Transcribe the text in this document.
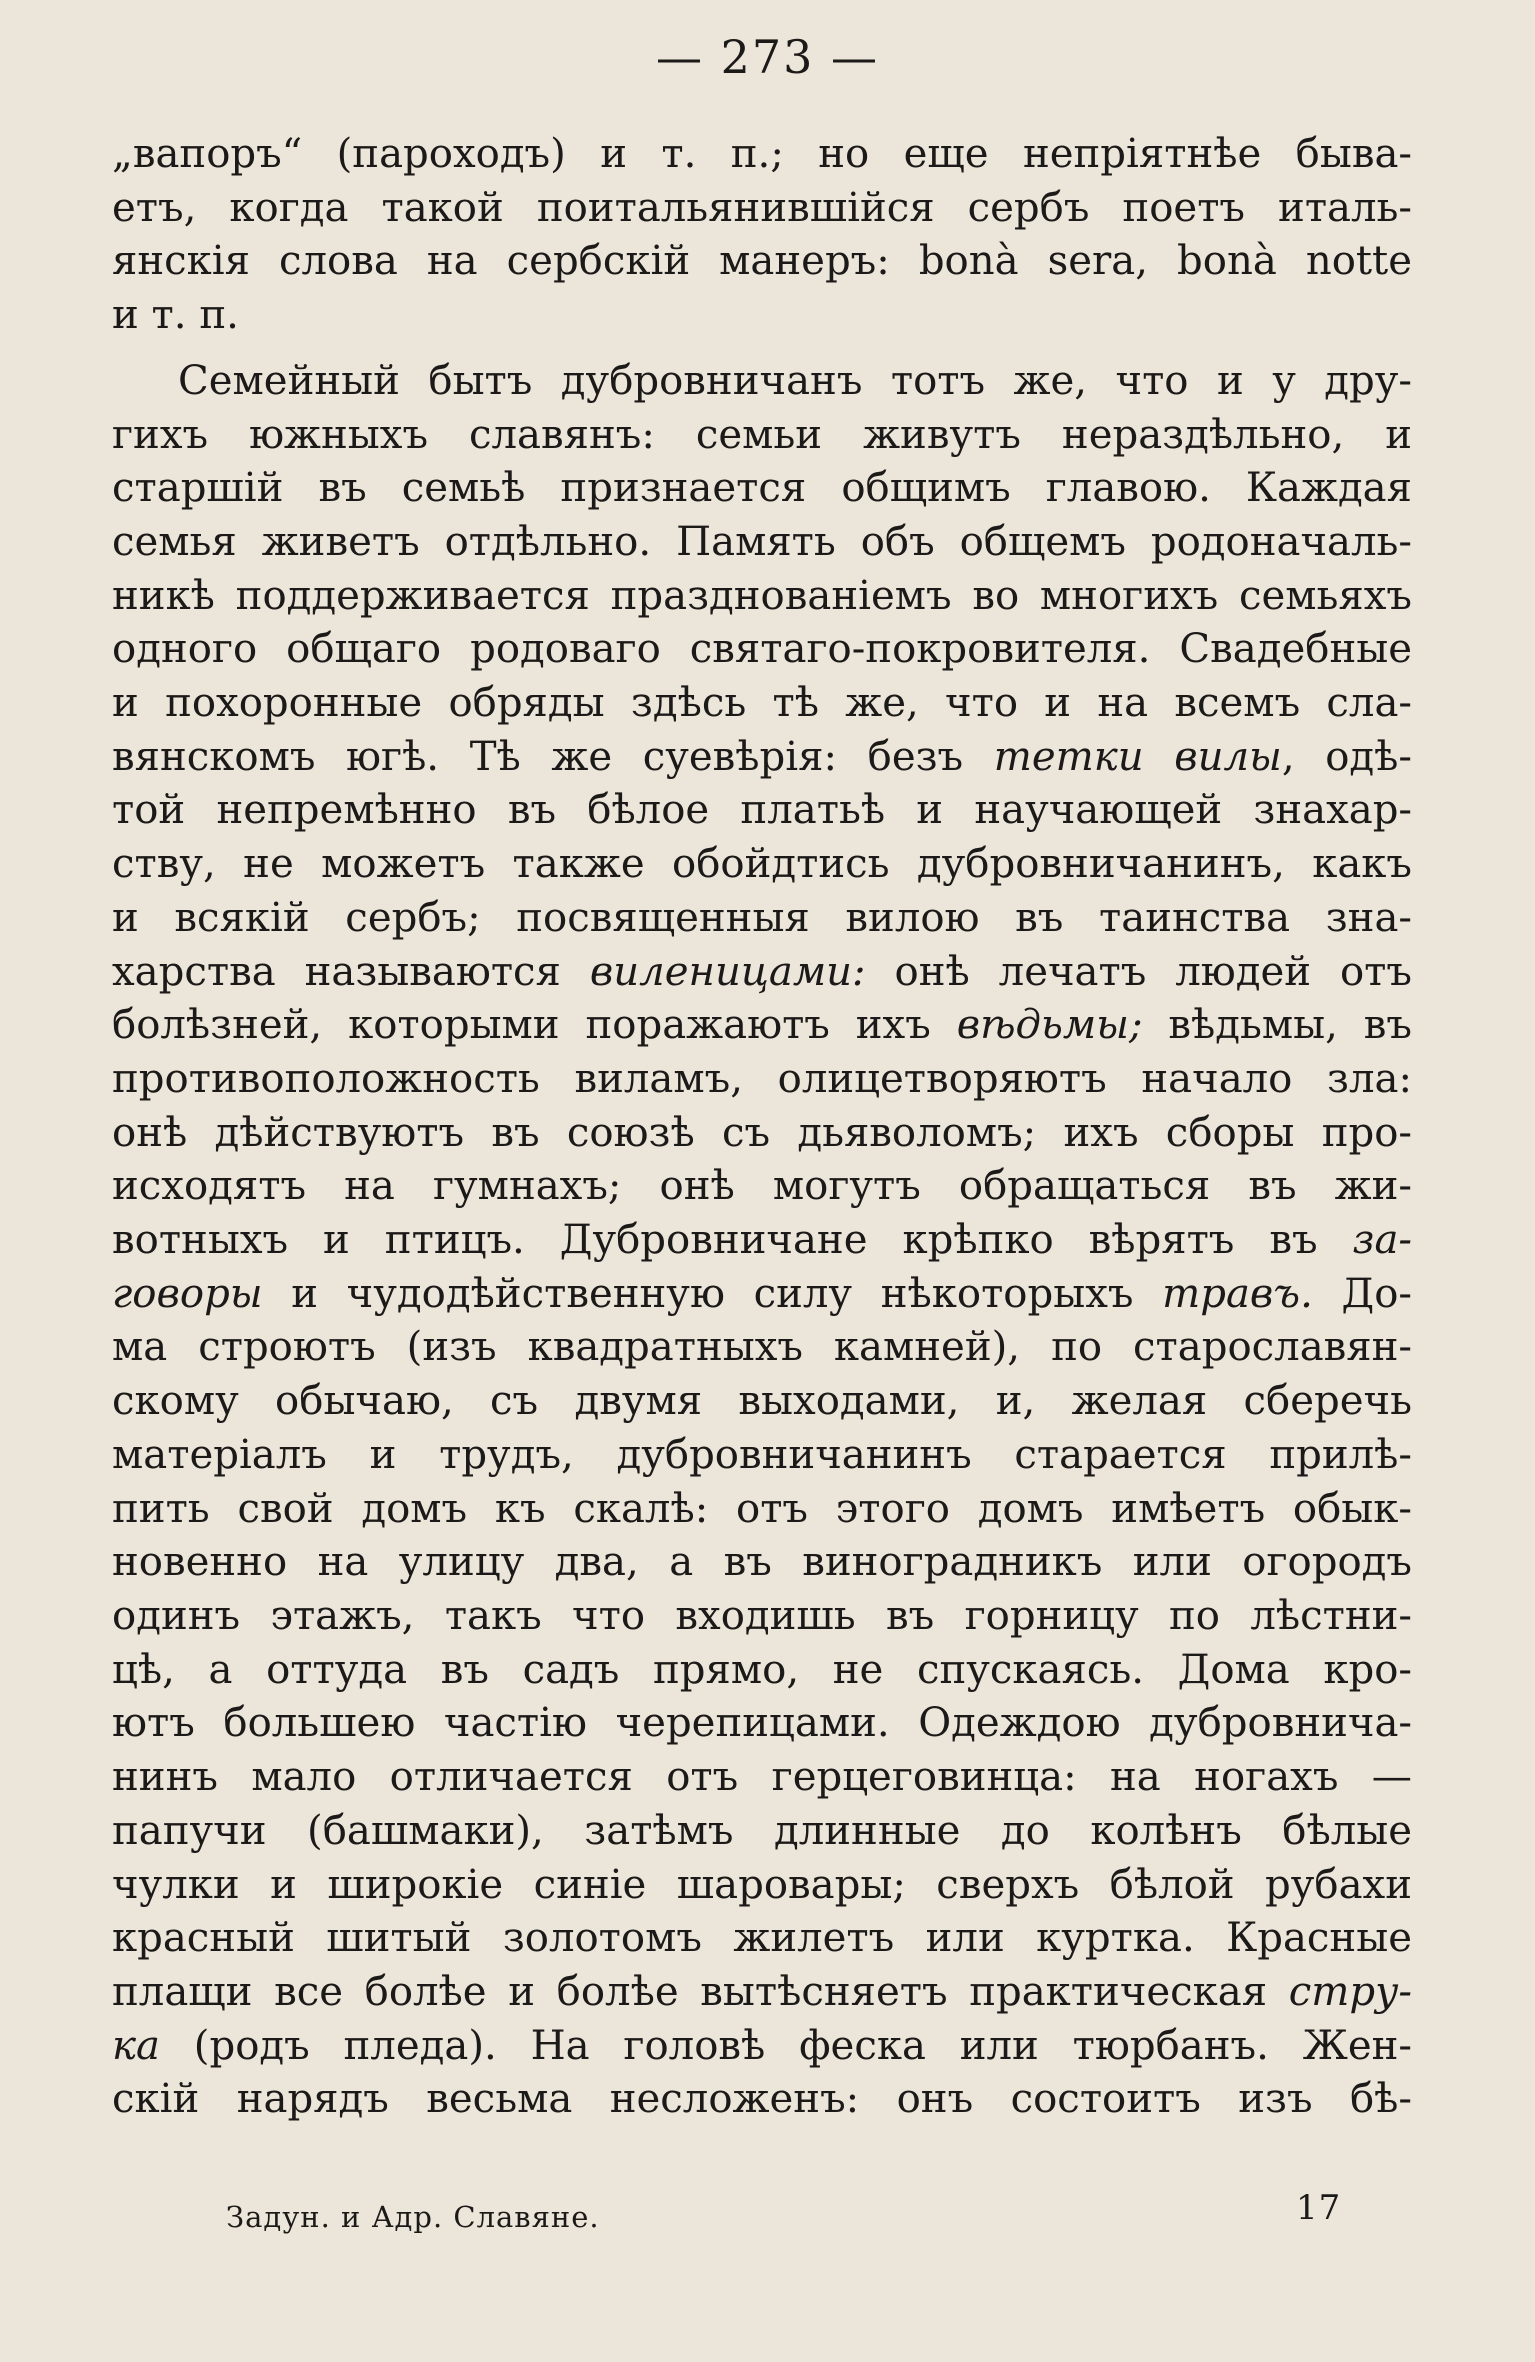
— 273 —
„вапоръ“ (пароходъ) и т. п.; но еще непріятнѣе быва-
етъ, когда такой поитальянившійся сербъ поетъ италь-
янскія слова на сербскій манеръ: bonà sera, bonà notte
и т. п.
Семейный бытъ дубровничанъ тотъ же, что и у дру-
гихъ южныхъ славянъ: семьи живутъ нераздѣльно, и
старшій въ семьѣ признается общимъ главою. Каждая
семья живетъ отдѣльно. Память объ общемъ родоначаль-
никѣ поддерживается празднованіемъ во многихъ семьяхъ
одного общаго родоваго святаго-покровителя. Свадебные
и похоронные обряды здѣсь тѣ же, что и на всемъ сла-
вянскомъ югѣ. Тѣ же суевѣрія: безъ тетки вилы, одѣ-
той непремѣнно въ бѣлое платьѣ и научающей знахар-
ству, не можетъ также обойдтись дубровничанинъ, какъ
и всякій сербъ; посвященныя вилою въ таинства зна-
харства называются виленицами: онѣ лечатъ людей отъ
болѣзней, которыми поражаютъ ихъ вѣдьмы; вѣдьмы, въ
противоположность виламъ, олицетворяютъ начало зла:
онѣ дѣйствуютъ въ союзѣ съ дьяволомъ; ихъ сборы про-
исходятъ на гумнахъ; онѣ могутъ обращаться въ жи-
вотныхъ и птицъ. Дубровничане крѣпко вѣрятъ въ за-
говоры и чудодѣйственную силу нѣкоторыхъ травъ. До-
ма строютъ (изъ квадратныхъ камней), по старославян-
скому обычаю, съ двумя выходами, и, желая сберечь
матеріалъ и трудъ, дубровничанинъ старается прилѣ-
пить свой домъ къ скалѣ: отъ этого домъ имѣетъ обык-
новенно на улицу два, а въ виноградникъ или огородъ
одинъ этажъ, такъ что входишь въ горницу по лѣстни-
цѣ, а оттуда въ садъ прямо, не спускаясь. Дома кро-
ютъ большею частію черепицами. Одеждою дубровнича-
нинъ мало отличается отъ герцеговинца: на ногахъ —
папучи (башмаки), затѣмъ длинные до колѣнъ бѣлые
чулки и широкіе синіе шаровары; сверхъ бѣлой рубахи
красный шитый золотомъ жилетъ или куртка. Красные
плащи все болѣе и болѣе вытѣсняетъ практическая стру-
ка (родъ пледа). На головѣ феска или тюрбанъ. Жен-
скій нарядъ весьма несложенъ: онъ состоитъ изъ бѣ-
Задун. и Адр. Славяне.	17
